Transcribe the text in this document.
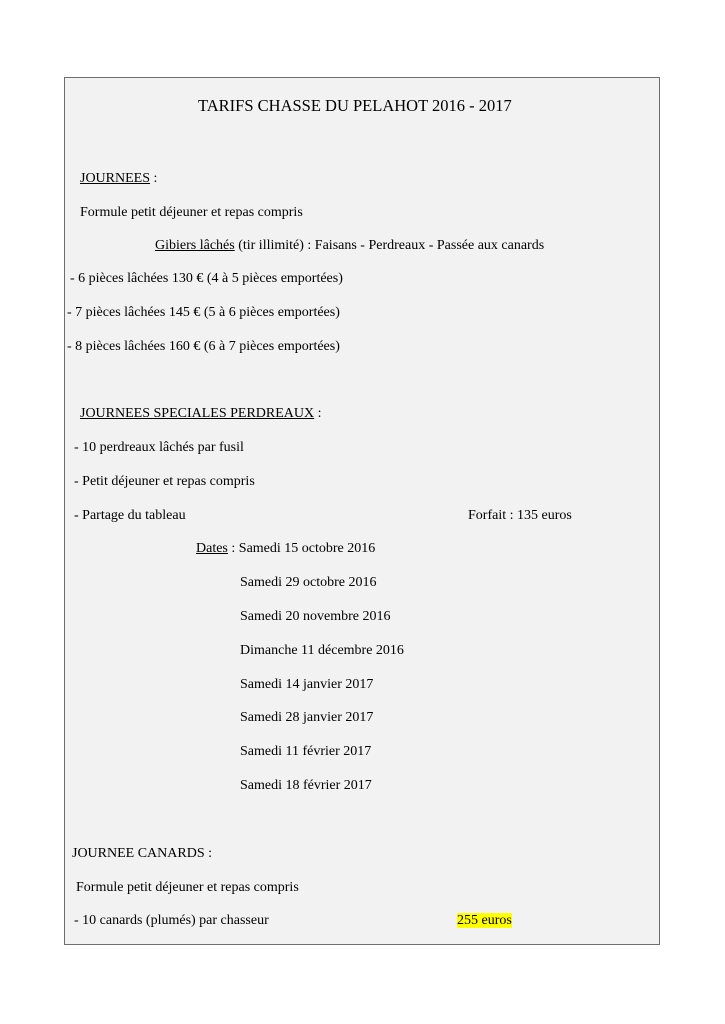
TARIFS CHASSE DU PELAHOT 2016 - 2017
JOURNEES :
Formule petit déjeuner et repas compris
Gibiers lâchés (tir illimité) : Faisans - Perdreaux - Passée aux canards
- 6 pièces lâchées 130 € (4 à 5 pièces emportées)
- 7 pièces lâchées 145 € (5 à 6 pièces emportées)
- 8 pièces lâchées 160 € (6 à 7 pièces emportées)
JOURNEES SPECIALES PERDREAUX :
- 10 perdreaux lâchés par fusil
- Petit déjeuner et repas compris
- Partage du tableau	Forfait : 135 euros
Dates : Samedi 15 octobre 2016
Samedi 29 octobre 2016
Samedi 20 novembre 2016
Dimanche 11 décembre 2016
Samedi 14 janvier 2017
Samedi 28 janvier 2017
Samedi 11 février 2017
Samedi 18 février 2017
JOURNEE CANARDS :
Formule petit déjeuner et repas compris
- 10 canards (plumés) par chasseur	255 euros
